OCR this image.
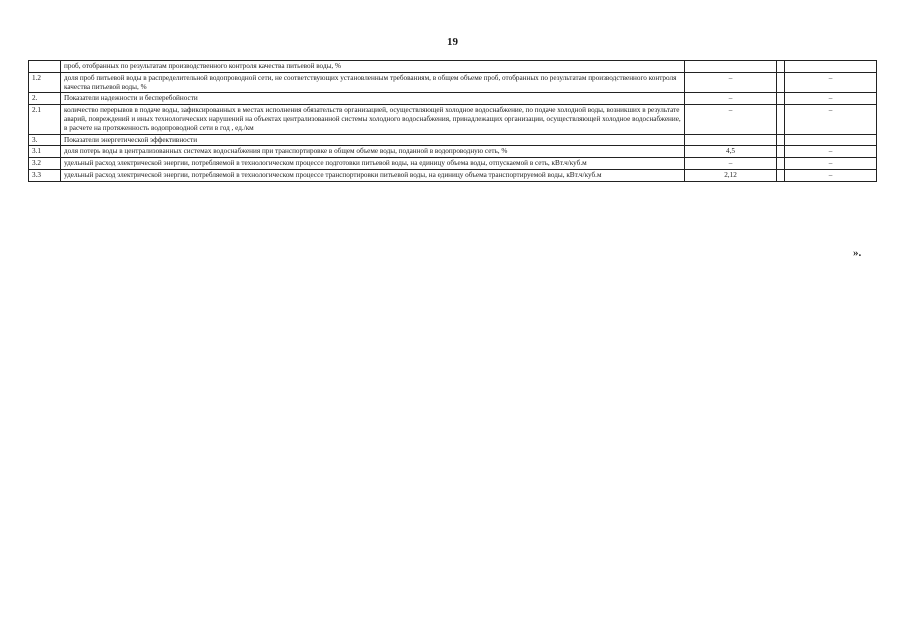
19
	проб, отобранных по результатам производственного контроля качества питьевой воды, %			
1.2	доля проб питьевой воды в распределительной водопроводной сети, не соответствующих установленным требованиям, в общем объеме проб, отобранных по результатам производственного контроля качества питьевой воды, %	–		–
2.	Показатели надежности и бесперебойности	–		–
2.1	количество перерывов в подаче воды, зафиксированных в местах исполнения обязательств организацией, осуществляющей холодное водоснабжение, по подаче холодной воды, возникших в результате аварий, повреждений и иных технологических нарушений на объектах централизованной системы холодного водоснабжения, принадлежащих организации, осуществляющей холодное водоснабжение, в расчете на протяженность водопроводной сети в год , ед./км	–		–
3.	Показатели энергетической эффективности			
3.1	доля потерь воды в централизованных системах водоснабжения при транспортировке в общем объеме воды, поданной в водопроводную сеть, %	4,5		–
3.2	удельный расход электрической энергии, потребляемой в технологическом процессе подготовки питьевой воды, на единицу объема воды, отпускаемой в сеть, кВт.ч/куб.м	–		–
3.3	удельный расход электрической энергии, потребляемой в технологическом процессе транспортировки питьевой воды, на единицу объема транспортируемой воды, кВт.ч/куб.м	2,12		–
».
